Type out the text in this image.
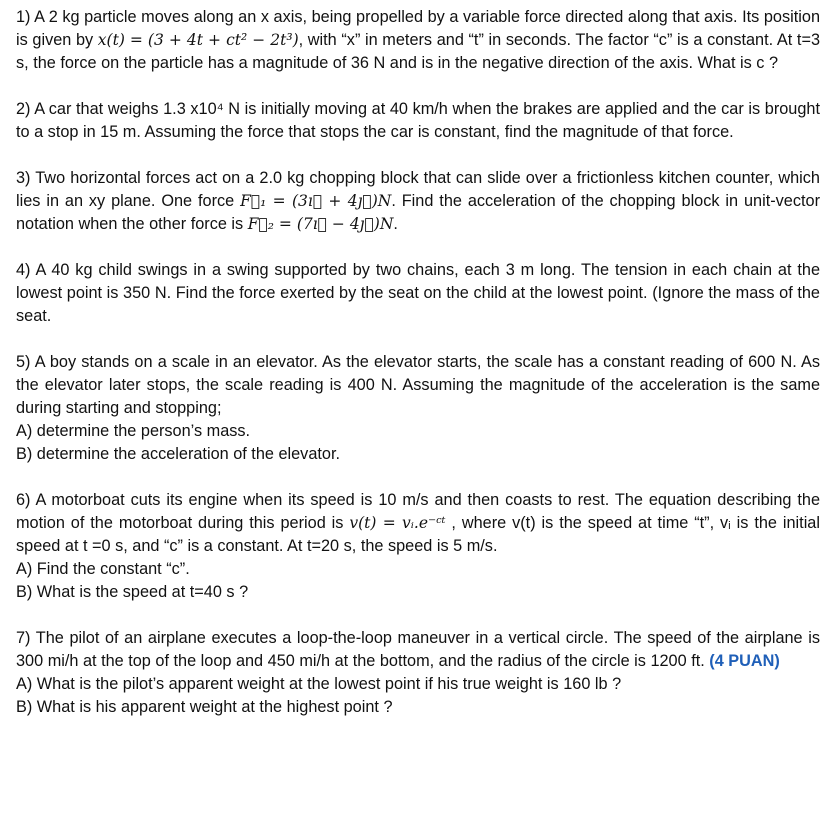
1) A 2 kg particle moves along an x axis, being propelled by a variable force directed along that axis. Its position is given by x(t) = (3 + 4t + ct² − 2t³), with “x” in meters and “t” in seconds. The factor “c” is a constant. At t=3 s, the force on the particle has a magnitude of 36 N and is in the negative direction of the axis. What is c ?

2) A car that weighs 1.3 x10⁴ N is initially moving at 40 km/h when the brakes are applied and the car is brought to a stop in 15 m. Assuming the force that stops the car is constant, find the magnitude of that force.

3) Two horizontal forces act on a 2.0 kg chopping block that can slide over a frictionless kitchen counter, which lies in an xy plane. One force F⃗₁ = (3ı⃗ + 4ȷ⃗)N. Find the acceleration of the chopping block in unit-vector notation when the other force is F⃗₂ = (7ı⃗ − 4ȷ⃗)N.

4) A 40 kg child swings in a swing supported by two chains, each 3 m long. The tension in each chain at the lowest point is 350 N. Find the force exerted by the seat on the child at the lowest point. (Ignore the mass of the seat.

5) A boy stands on a scale in an elevator. As the elevator starts, the scale has a constant reading of 600 N. As the elevator later stops, the scale reading is 400 N. Assuming the magnitude of the acceleration is the same during starting and stopping;

A) determine the person’s mass.

B) determine the acceleration of the elevator.

6) A motorboat cuts its engine when its speed is 10 m/s and then coasts to rest. The equation describing the motion of the motorboat during this period is v(t) = vᵢ.e⁻ᶜᵗ , where v(t) is the speed at time “t”, vᵢ is the initial speed at t =0 s, and “c” is a constant. At t=20 s, the speed is 5 m/s.

A) Find the constant “c”.

B) What is the speed at t=40 s ?

7) The pilot of an airplane executes a loop-the-loop maneuver in a vertical circle. The speed of the airplane is 300 mi/h at the top of the loop and 450 mi/h at the bottom, and the radius of the circle is 1200 ft. (4 PUAN)

A) What is the pilot’s apparent weight at the lowest point if his true weight is 160 lb ?

B) What is his apparent weight at the highest point ?
